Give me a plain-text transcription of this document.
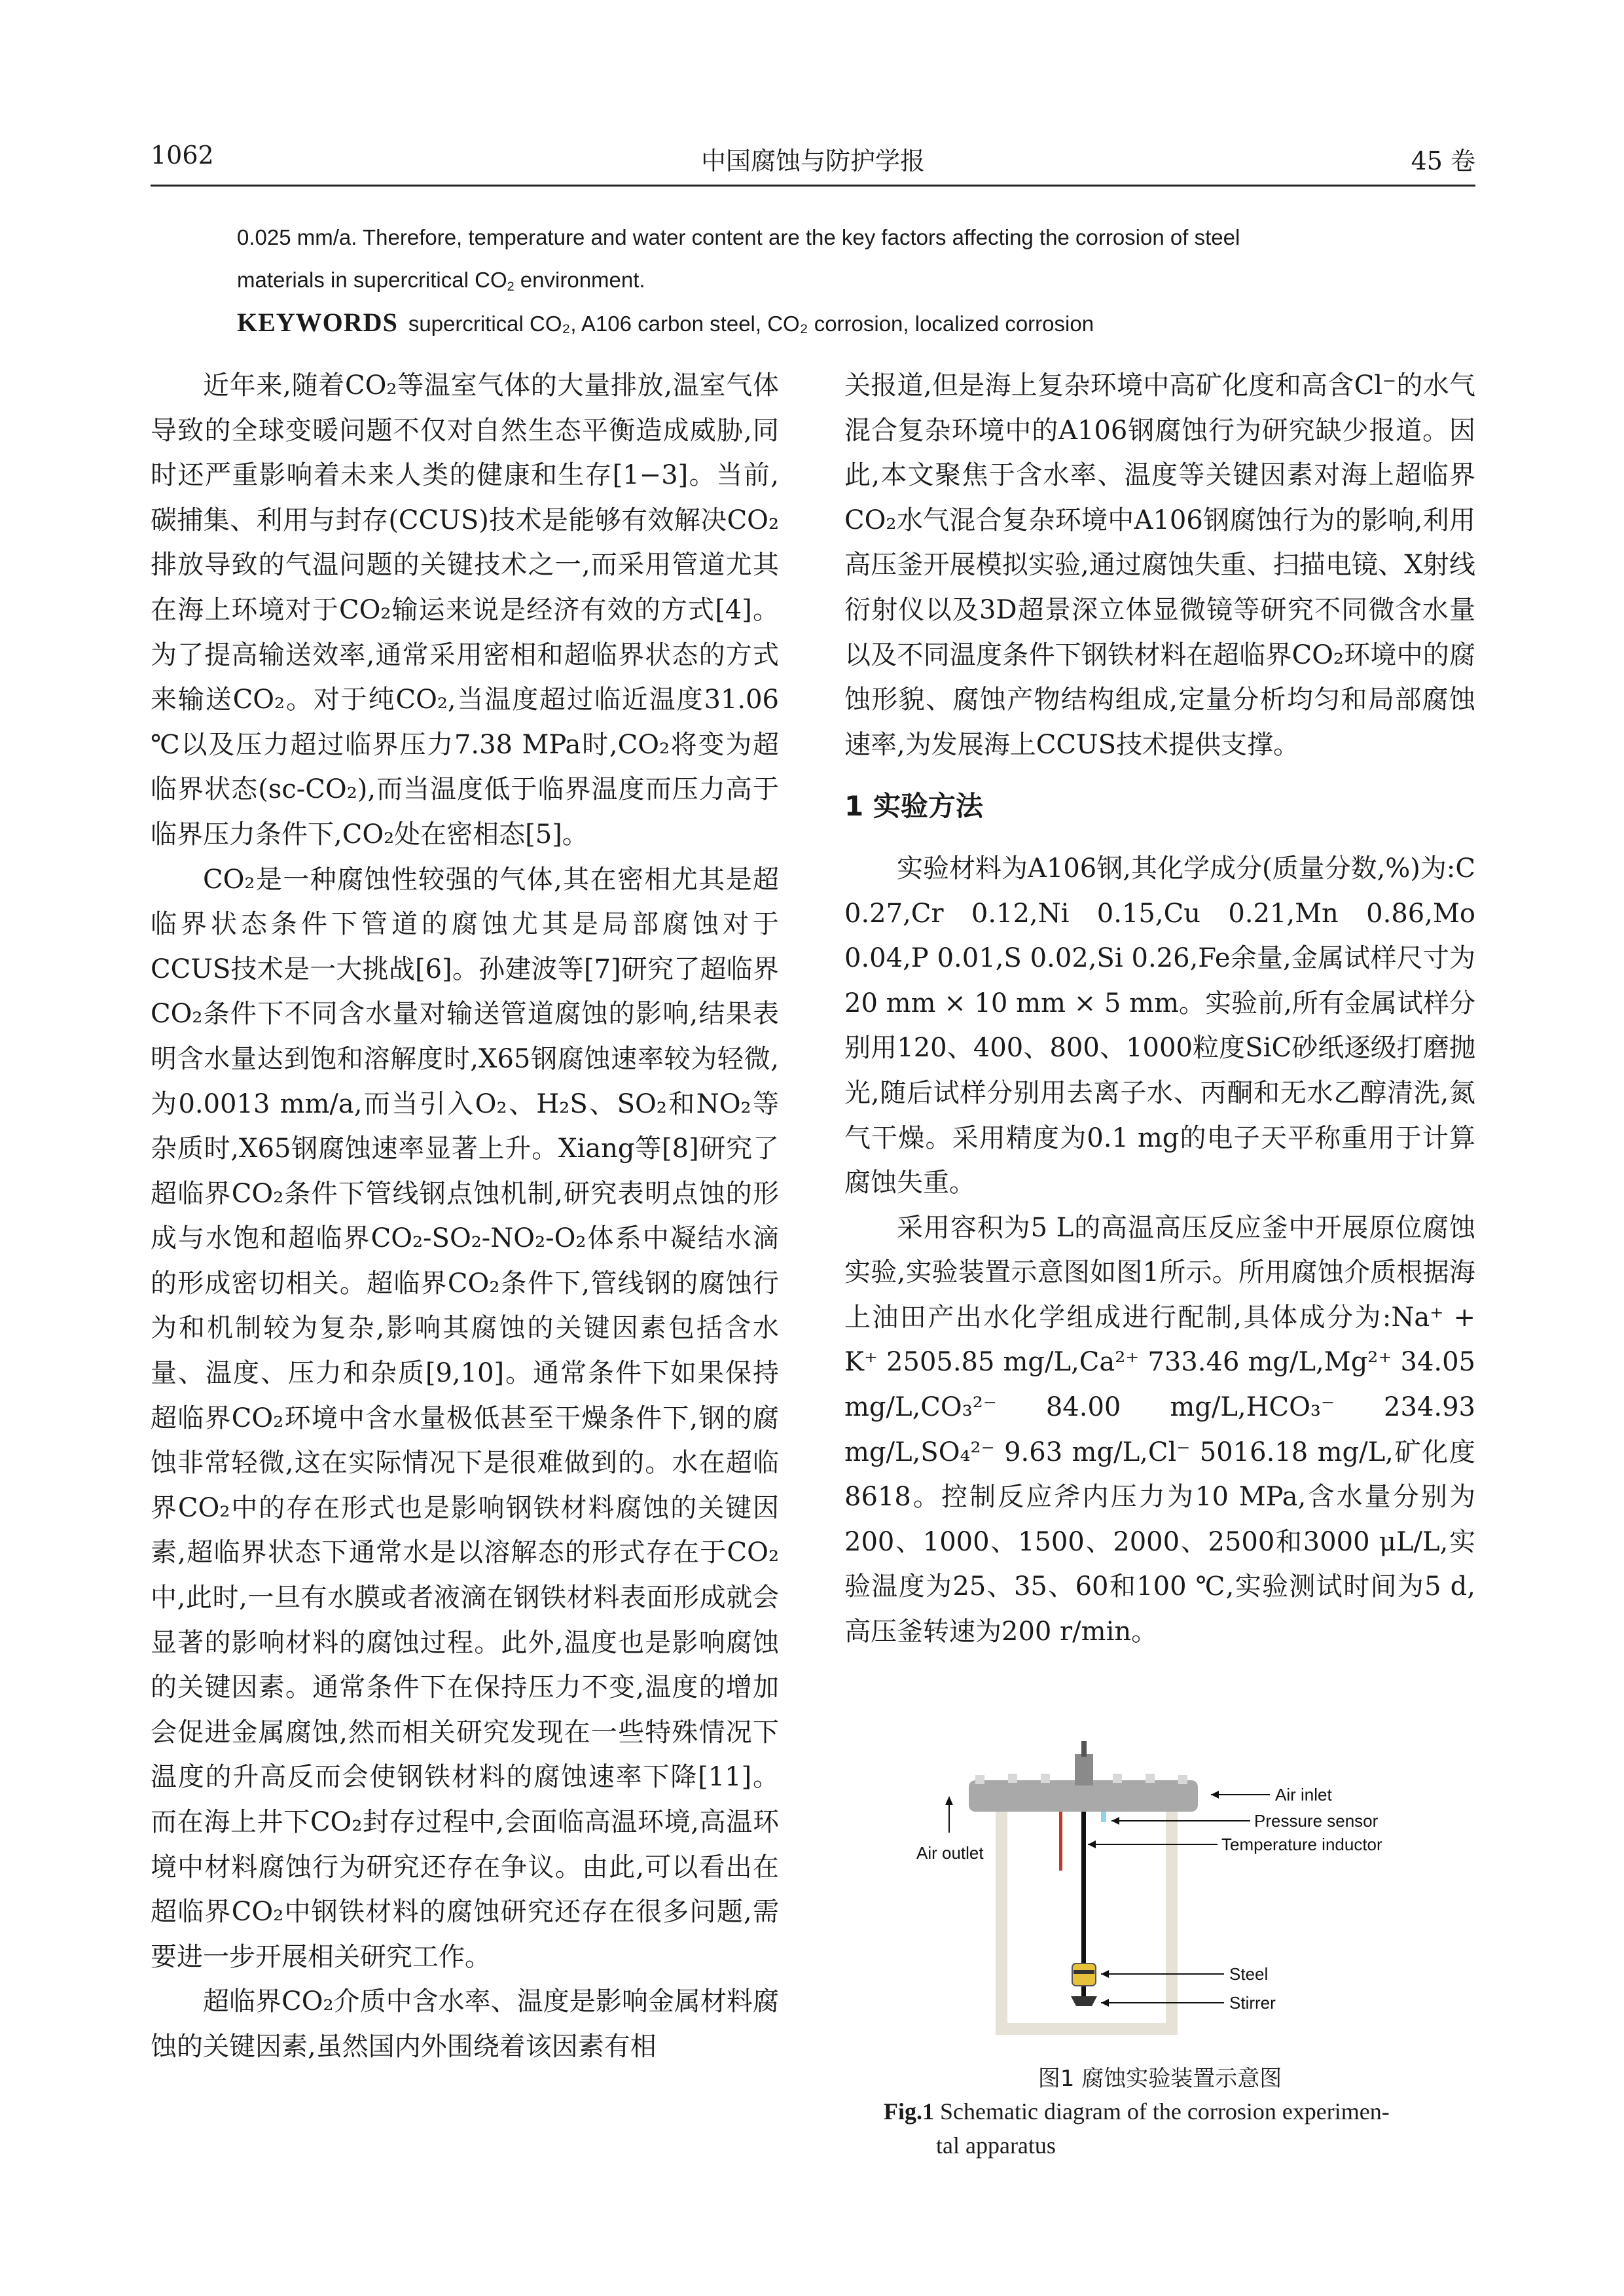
1062	中国腐蚀与防护学报	45 卷

0.025 mm/a. Therefore, temperature and water content are the key factors affecting the corrosion of steel

materials in supercritical $CO_2$ environment.

KEYWORDS supercritical CO₂, A106 carbon steel, CO₂ corrosion, localized corrosion

近年来,随着CO₂等温室气体的大量排放,温室气体导致的全球变暖问题不仅对自然生态平衡造成威胁,同时还严重影响着未来人类的健康和生存[1−3]。当前,碳捕集、利用与封存(CCUS)技术是能够有效解决CO₂排放导致的气温问题的关键技术之一,而采用管道尤其在海上环境对于CO₂输运来说是经济有效的方式[4]。为了提高输送效率,通常采用密相和超临界状态的方式来输送CO₂。对于纯CO₂,当温度超过临近温度31.06 ℃以及压力超过临界压力7.38 MPa时,CO₂将变为超临界状态(sc-CO₂),而当温度低于临界温度而压力高于临界压力条件下,CO₂处在密相态[5]。

CO₂是一种腐蚀性较强的气体,其在密相尤其是超临界状态条件下管道的腐蚀尤其是局部腐蚀对于CCUS技术是一大挑战[6]。孙建波等[7]研究了超临界CO₂条件下不同含水量对输送管道腐蚀的影响,结果表明含水量达到饱和溶解度时,X65钢腐蚀速率较为轻微,为0.0013 mm/a,而当引入O₂、H₂S、SO₂和NO₂等杂质时,X65钢腐蚀速率显著上升。Xiang等[8]研究了超临界CO₂条件下管线钢点蚀机制,研究表明点蚀的形成与水饱和超临界CO₂-SO₂-NO₂-O₂体系中凝结水滴的形成密切相关。超临界CO₂条件下,管线钢的腐蚀行为和机制较为复杂,影响其腐蚀的关键因素包括含水量、温度、压力和杂质[9,10]。通常条件下如果保持超临界CO₂环境中含水量极低甚至干燥条件下,钢的腐蚀非常轻微,这在实际情况下是很难做到的。水在超临界CO₂中的存在形式也是影响钢铁材料腐蚀的关键因素,超临界状态下通常水是以溶解态的形式存在于CO₂中,此时,一旦有水膜或者液滴在钢铁材料表面形成就会显著的影响材料的腐蚀过程。此外,温度也是影响腐蚀的关键因素。通常条件下在保持压力不变,温度的增加会促进金属腐蚀,然而相关研究发现在一些特殊情况下温度的升高反而会使钢铁材料的腐蚀速率下降[11]。而在海上井下CO₂封存过程中,会面临高温环境,高温环境中材料腐蚀行为研究还存在争议。由此,可以看出在超临界CO₂中钢铁材料的腐蚀研究还存在很多问题,需要进一步开展相关研究工作。

超临界CO₂介质中含水率、温度是影响金属材料腐蚀的关键因素,虽然国内外围绕着该因素有相

关报道,但是海上复杂环境中高矿化度和高含Cl⁻的水气混合复杂环境中的A106钢腐蚀行为研究缺少报道。因此,本文聚焦于含水率、温度等关键因素对海上超临界CO₂水气混合复杂环境中A106钢腐蚀行为的影响,利用高压釜开展模拟实验,通过腐蚀失重、扫描电镜、X射线衍射仪以及3D超景深立体显微镜等研究不同微含水量以及不同温度条件下钢铁材料在超临界CO₂环境中的腐蚀形貌、腐蚀产物结构组成,定量分析均匀和局部腐蚀速率,为发展海上CCUS技术提供支撑。

1 实验方法

实验材料为A106钢,其化学成分(质量分数,%)为:C 0.27,Cr 0.12,Ni 0.15,Cu 0.21,Mn 0.86,Mo 0.04,P 0.01,S 0.02,Si 0.26,Fe余量,金属试样尺寸为20 mm × 10 mm × 5 mm。实验前,所有金属试样分别用120、400、800、1000粒度SiC砂纸逐级打磨抛光,随后试样分别用去离子水、丙酮和无水乙醇清洗,氮气干燥。采用精度为0.1 mg的电子天平称重用于计算腐蚀失重。

采用容积为5 L的高温高压反应釜中开展原位腐蚀实验,实验装置示意图如图1所示。所用腐蚀介质根据海上油田产出水化学组成进行配制,具体成分为:Na⁺ + K⁺ 2505.85 mg/L,Ca²⁺ 733.46 mg/L,Mg²⁺ 34.05 mg/L,CO₃²⁻ 84.00 mg/L,HCO₃⁻ 234.93 mg/L,SO₄²⁻ 9.63 mg/L,Cl⁻ 5016.18 mg/L,矿化度8618。控制反应斧内压力为10 MPa,含水量分别为200、1000、1500、2000、2500和3000 μL/L,实验温度为25、35、60和100 ℃,实验测试时间为5 d,高压釜转速为200 r/min。

Air inlet
Pressure sensor
Temperature inductor
Air outlet
Steel
Stirrer
图1 腐蚀实验装置示意图
Fig.1 Schematic diagram of the corrosion experimen-
tal apparatus
